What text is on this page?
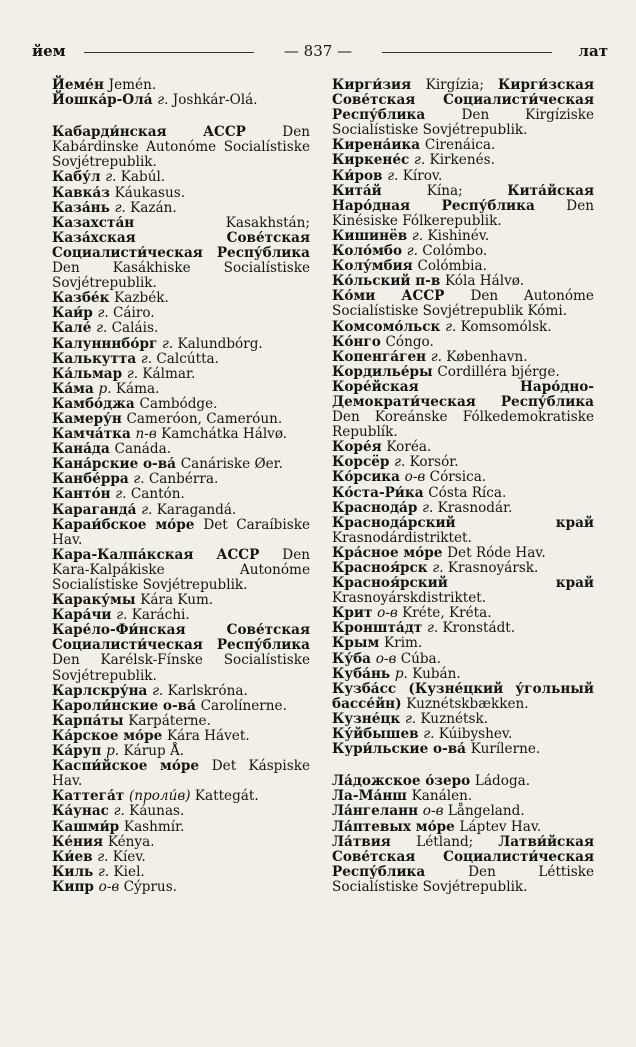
йем	— 837 —	лат

Йеме́н Jemén.

Йошка́р-Ола́ г. Joshkár-Olá.

Кабарди́нская АССР Den Kabárdinske Autonóme Socialístiske Sovjétrepublik.

Кабу́л г. Kabúl.

Кавка́з Káukasus.

Каза́нь г. Kazán.

Казахста́н Kasakhstán; Каза́хская Сове́тская Социалисти́ческая Респу́блика Den Kasákhiske Socialístiske Sovjétrepublik.

Казбе́к Kazbék.

Каи́р г. Cáiro.

Кале́ г. Caláis.

Калунннбо́рг г. Kalundbórg.

Калькутта г. Calcútta.

Ка́льмар г. Kálmar.

Ка́ма р. Káma.

Камбо́джа Cambódge.

Камеру́н Cameróon, Cameróun.

Камча́тка п-в Kamchátka Hálvø.

Кана́да Canáda.

Кана́рские о-ва́ Canáriske Øer.

Канбе́рра г. Canbérra.

Канто́н г. Cantón.

Караганда́ г. Karagandá.

Караи́бское мо́ре Det Caraíbiske Hav.

Кара-Калпа́кская АССР Den Kara-Kalpákiske Autonóme Socialístiske Sovjétrepublik.

Караку́мы Kára Kum.

Кара́чи г. Karáchi.

Каре́ло-Фи́нская Сове́тская Социалисти́ческая Респу́блика Den Karélsk-Fínske Socialístiske Sovjétrepublik.

Карлскру́на г. Karlskróna.

Кароли́нские о-ва́ Carolínerne.

Карпа́ты Karpáterne.

Ка́рское мо́ре Kára Hávet.

Ка́руп р. Kárup Å.

Каспи́йское мо́ре Det Káspiske Hav.

Каттега́т (проли́в) Kattegát.

Ка́унас г. Káunas.

Кашми́р Kashmír.

Ке́ния Kénya.

Ки́ев г. Kíev.

Киль г. Kiel.

Кипр о-в Cýprus.

Кирги́зия Kirgízia; Кирги́зская Сове́тская Социалисти́ческая Респу́блика Den Kirgíziske Socialístiske Sovjétrepublik.

Кирена́ика Cirenáica.

Киркене́с г. Kirkenés.

Ки́ров г. Kírov.

Кита́й Kína; Кита́йская Наро́дная Респу́блика Den Kinésiske Fólkerepublik.

Кишинёв г. Kishinév.

Коло́мбо г. Colómbo.

Колу́мбия Colómbia.

Ко́льский п-в Kóla Hálvø.

Ко́ми АССР Den Autonóme Socialístiske Sovjétrepublik Kómi.

Комсомо́льск г. Komsomólsk.

Ко́нго Cóngo.

Копенга́ген г. København.

Кордилье́ры Cordilléra bjérge.

Коре́йская Наро́дно-Демократи́ческая Респу́блика Den Koreánske Fólkedemokratiske Republík.

Коре́я Koréa.

Корсёр г. Korsór.

Ко́рсика о-в Córsica.

Ко́ста-Ри́ка Cósta Ríca.

Краснода́р г. Krasnodár.

Краснода́рский край Krasnodárdistriktet.

Кра́сное мо́ре Det Róde Hav.

Красноя́рск г. Krasnoyársk.

Красноя́рский край Krasnoyárskdistriktet.

Крит о-в Kréte, Kréta.

Кроншта́дт г. Kronstádt.

Крым Krim.

Ку́ба о-в Cúba.

Куба́нь р. Kubán.

Кузба́сс (Кузне́цкий у́гольный бассе́йн) Kuznétskbækken.

Кузне́цк г. Kuznétsk.

Ку́йбышев г. Kúibyshev.

Кури́льские о-ва́ Kurílerne.

Ла́дожское о́зеро Ládoga.

Ла-Ма́нш Kanálen.

Ла́нгеланн о-в Långeland.

Ла́птевых мо́ре Láptev Hav.

Ла́твия Létland; Латви́йская Сове́тская Социалисти́ческая Респу́блика Den Léttiske Socialístiske Sovjétrepublik.
